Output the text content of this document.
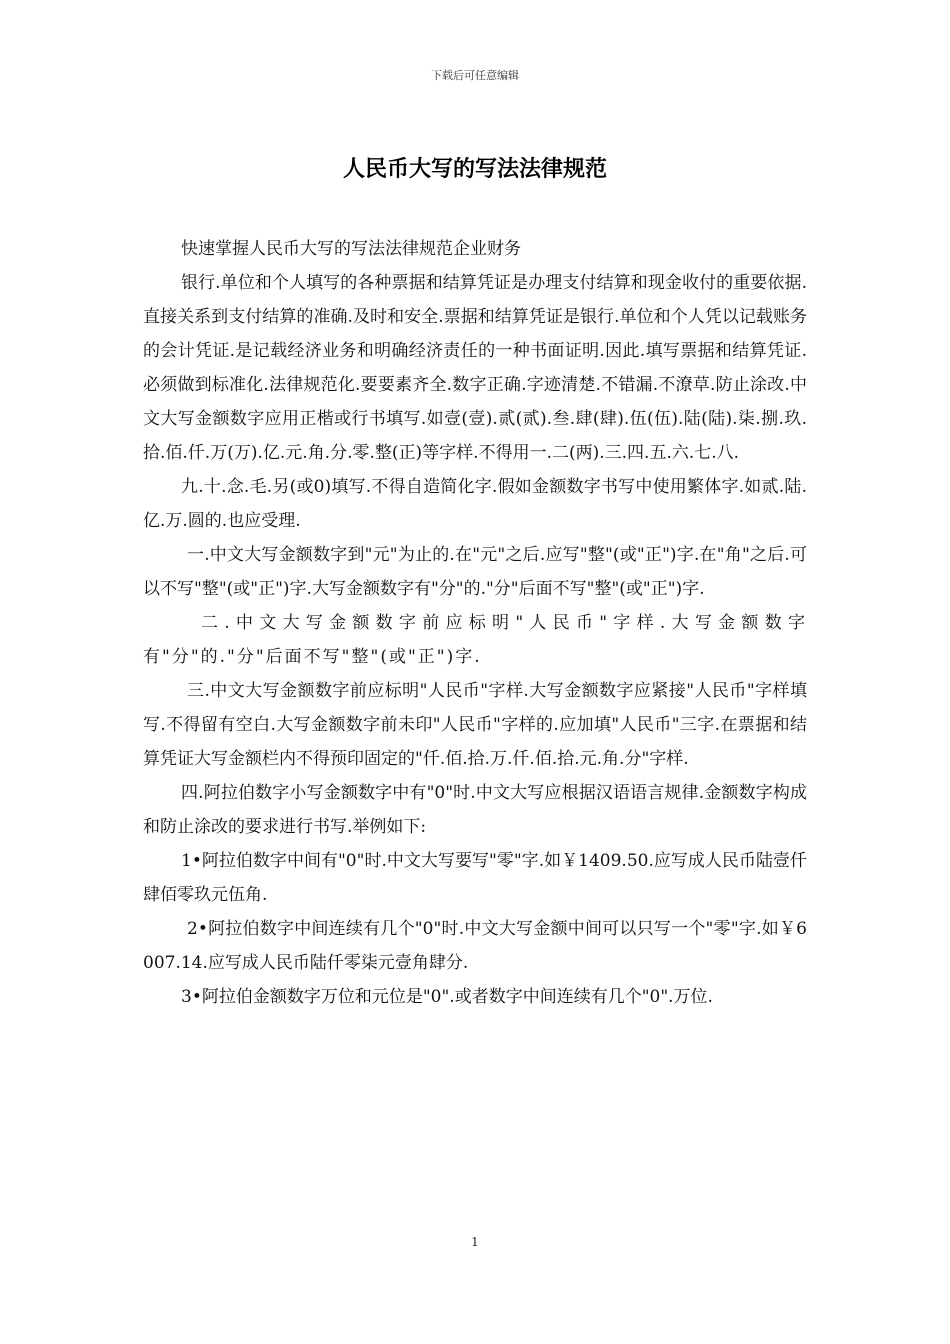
下载后可任意编辑
人民币大写的写法法律规范

快速掌握人民币大写的写法法律规范企业财务

银行.单位和个人填写的各种票据和结算凭证是办理支付结算和现金收付的重要依据.直接关系到支付结算的准确.及时和安全.票据和结算凭证是银行.单位和个人凭以记载账务的会计凭证.是记载经济业务和明确经济责任的一种书面证明.因此.填写票据和结算凭证.必须做到标准化.法律规范化.要要素齐全.数字正确.字迹清楚.不错漏.不潦草.防止涂改.中文大写金额数字应用正楷或行书填写.如壹(壹).贰(贰).叁.肆(肆).伍(伍).陆(陆).柒.捌.玖.拾.佰.仟.万(万).亿.元.角.分.零.整(正)等字样.不得用一.二(两).三.四.五.六.七.八.

九.十.念.毛.另(或0)填写.不得自造简化字.假如金额数字书写中使用繁体字.如贰.陆.亿.万.圆的.也应受理.

一.中文大写金额数字到"元"为止的.在"元"之后.应写"整"(或"正")字.在"角"之后.可以不写"整"(或"正")字.大写金额数字有"分"的."分"后面不写"整"(或"正")字.

二.中文大写金额数字前应标明"人民币"字样.大写金额数字有"分"的."分"后面不写"整"(或"正")字.

三.中文大写金额数字前应标明"人民币"字样.大写金额数字应紧接"人民币"字样填写.不得留有空白.大写金额数字前未印"人民币"字样的.应加填"人民币"三字.在票据和结算凭证大写金额栏内不得预印固定的"仟.佰.拾.万.仟.佰.拾.元.角.分"字样.

四.阿拉伯数字小写金额数字中有"0"时.中文大写应根据汉语语言规律.金额数字构成和防止涂改的要求进行书写.举例如下:

1•阿拉伯数字中间有"0"时.中文大写要写"零"字.如￥1409.50.应写成人民币陆壹仟肆佰零玖元伍角.

2•阿拉伯数字中间连续有几个"0"时.中文大写金额中间可以只写一个"零"字.如￥6007.14.应写成人民币陆仟零柒元壹角肆分.

3•阿拉伯金额数字万位和元位是"0".或者数字中间连续有几个"0".万位.

1
